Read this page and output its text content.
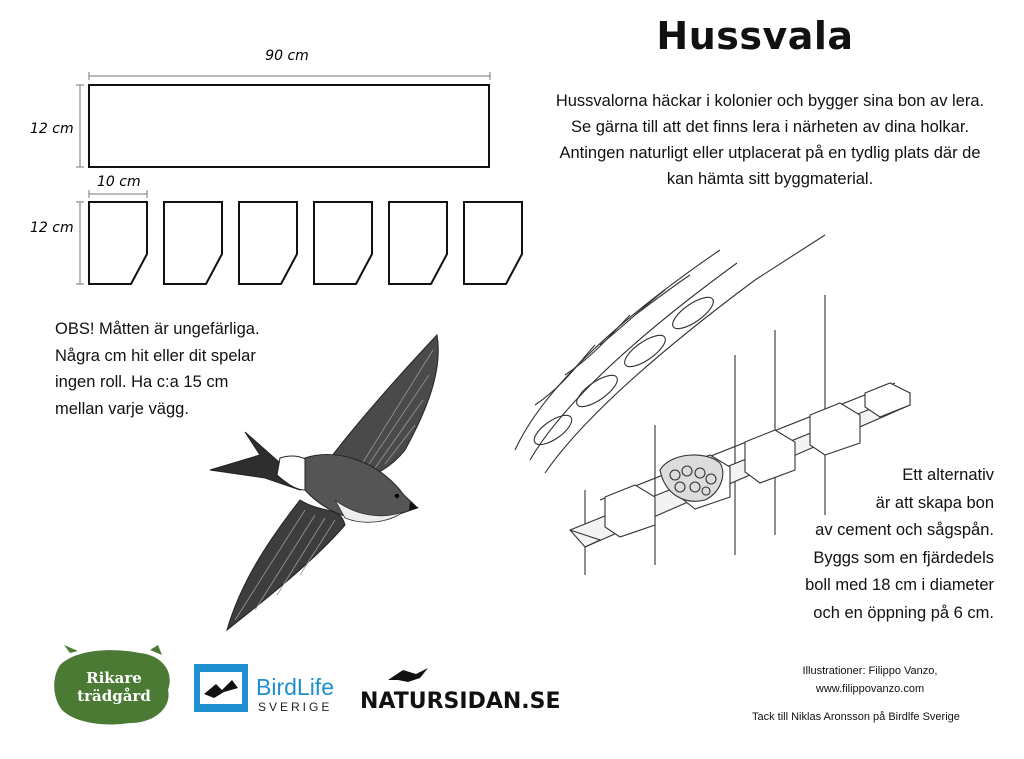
Hussvala

Hussvalorna häckar i kolonier och bygger sina bon av lera.

Se gärna till att det finns lera i närheten av dina holkar.

Antingen naturligt eller utplacerat på en tydlig plats där de

kan hämta sitt byggmaterial.

90 cm
12 cm
10 cm
12 cm

OBS! Måtten är ungefärliga.

Några cm hit eller dit spelar

ingen roll. Ha c:a 15 cm

mellan varje vägg.

Ett alternativ

är att skapa bon

av cement och sågspån.

Byggs som en fjärdedels

boll med 18 cm i diameter

och en öppning på 6 cm.

Rikare
trädgård	BirdLife
SVERIGE NATURSIDAN.SE

Illustrationer: Filippo Vanzo,

www.filippovanzo.com

Tack till Niklas Aronsson på Birdlfe Sverige
